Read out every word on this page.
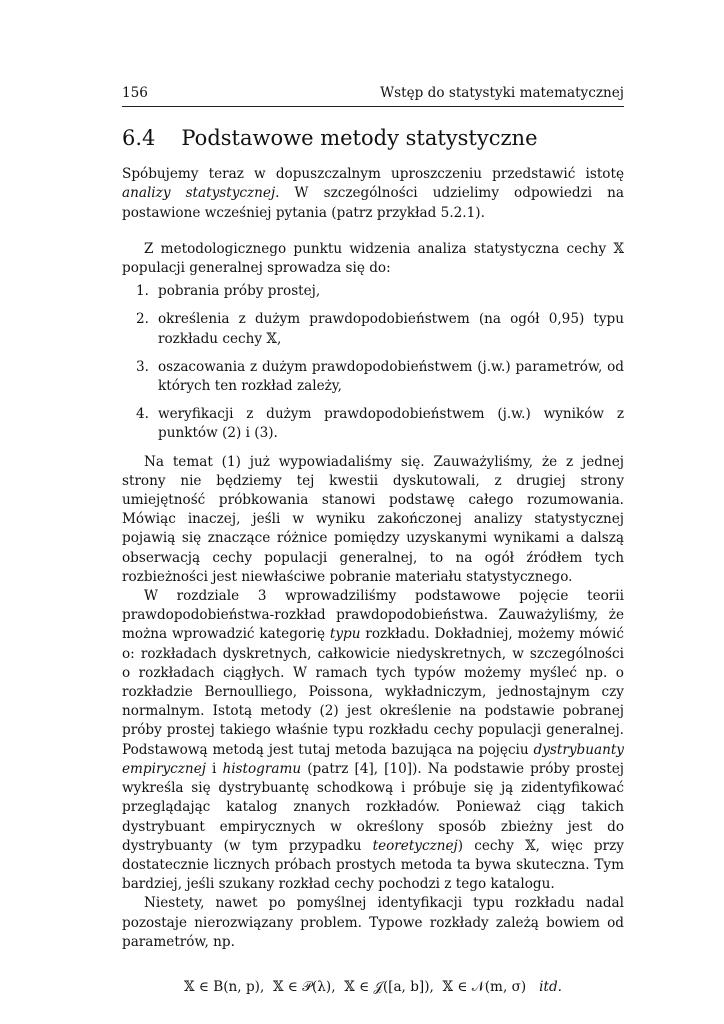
156	Wstęp do statystyki matematycznej
6.4 Podstawowe metody statystyczne

Spóbujemy teraz w dopuszczalnym uproszczeniu przedstawić istotę analizy statystycznej. W szczególności udzielimy odpowiedzi na postawione wcześniej pytania (patrz przykład 5.2.1).

Z metodologicznego punktu widzenia analiza statystyczna cechy 𝕏 populacji generalnej sprowadza się do:

1. pobrania próby prostej,
2. określenia z dużym prawdopodobieństwem (na ogół 0,95) typu rozkładu cechy 𝕏,
3. oszacowania z dużym prawdopodobieństwem (j.w.) parametrów, od których ten rozkład zależy,
4. weryfikacji z dużym prawdopodobieństwem (j.w.) wyników z punktów (2) i (3).

Na temat (1) już wypowiadaliśmy się. Zauważyliśmy, że z jednej strony nie będziemy tej kwestii dyskutowali, z drugiej strony umiejętność próbkowania stanowi podstawę całego rozumowania. Mówiąc inaczej, jeśli w wyniku zakończonej analizy statystycznej pojawią się znaczące różnice pomiędzy uzyskanymi wynikami a dalszą obserwacją cechy populacji generalnej, to na ogół źródłem tych rozbieżności jest niewłaściwe pobranie materiału statystycznego.

W rozdziale 3 wprowadziliśmy podstawowe pojęcie teorii prawdopodobieństwa-rozkład prawdopodobieństwa. Zauważyliśmy, że można wprowadzić kategorię typu rozkładu. Dokładniej, możemy mówić o: rozkładach dyskretnych, całkowicie niedyskretnych, w szczególności o rozkładach ciągłych. W ramach tych typów możemy myśleć np. o rozkładzie Bernoulliego, Poissona, wykładniczym, jednostajnym czy normalnym. Istotą metody (2) jest określenie na podstawie pobranej próby prostej takiego właśnie typu rozkładu cechy populacji generalnej. Podstawową metodą jest tutaj metoda bazująca na pojęciu dystrybuanty empirycznej i histogramu (patrz [4], [10]). Na podstawie próby prostej wykreśla się dystrybuantę schodkową i próbuje się ją zidentyfikować przeglądając katalog znanych rozkładów. Ponieważ ciąg takich dystrybuant empirycznych w określony sposób zbieżny jest do dystrybuanty (w tym przypadku teoretycznej) cechy 𝕏, więc przy dostatecznie licznych próbach prostych metoda ta bywa skuteczna. Tym bardziej, jeśli szukany rozkład cechy pochodzi z tego katalogu.

Niestety, nawet po pomyślnej identyfikacji typu rozkładu nadal pozostaje nierozwiązany problem. Typowe rozkłady zależą bowiem od parametrów, np.

𝕏 ∈ B(n, p), 𝕏 ∈ 𝒫(λ), 𝕏 ∈ 𝒥([a, b]), 𝕏 ∈ 𝒩(m, σ) itd.
